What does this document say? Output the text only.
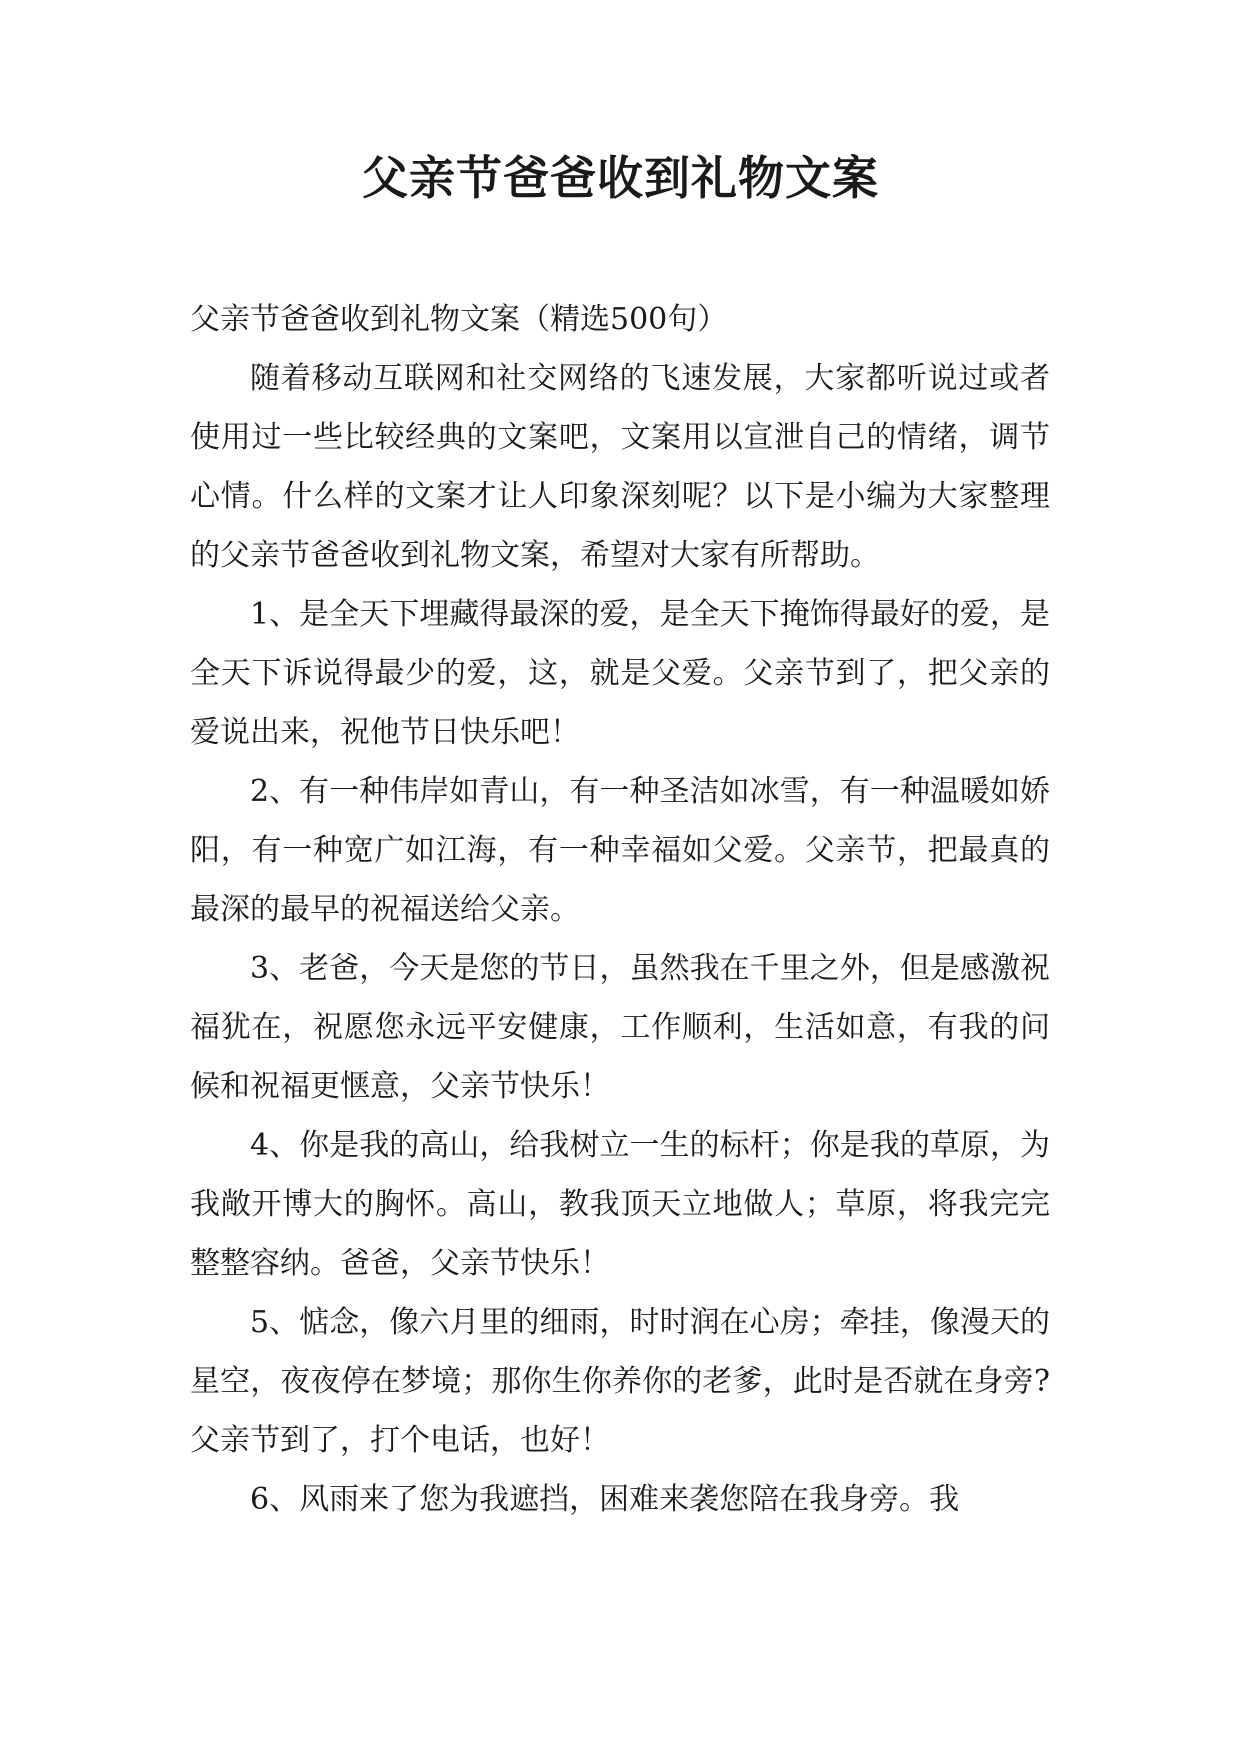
父亲节爸爸收到礼物文案

父亲节爸爸收到礼物文案（精选500句）

随着移动互联网和社交网络的飞速发展，大家都听说过或者使用过一些比较经典的文案吧，文案用以宣泄自己的情绪，调节心情。什么样的文案才让人印象深刻呢？以下是小编为大家整理的父亲节爸爸收到礼物文案，希望对大家有所帮助。

1、是全天下埋藏得最深的爱，是全天下掩饰得最好的爱，是全天下诉说得最少的爱，这，就是父爱。父亲节到了，把父亲的爱说出来，祝他节日快乐吧！

2、有一种伟岸如青山，有一种圣洁如冰雪，有一种温暖如娇阳，有一种宽广如江海，有一种幸福如父爱。父亲节，把最真的最深的最早的祝福送给父亲。

3、老爸，今天是您的节日，虽然我在千里之外，但是感激祝福犹在，祝愿您永远平安健康，工作顺利，生活如意，有我的问候和祝福更惬意，父亲节快乐！

4、你是我的高山，给我树立一生的标杆；你是我的草原，为我敞开博大的胸怀。高山，教我顶天立地做人；草原，将我完完整整容纳。爸爸，父亲节快乐！

5、惦念，像六月里的细雨，时时润在心房；牵挂，像漫天的星空，夜夜停在梦境；那你生你养你的老爹，此时是否就在身旁?父亲节到了，打个电话，也好！

6、风雨来了您为我遮挡，困难来袭您陪在我身旁。我
